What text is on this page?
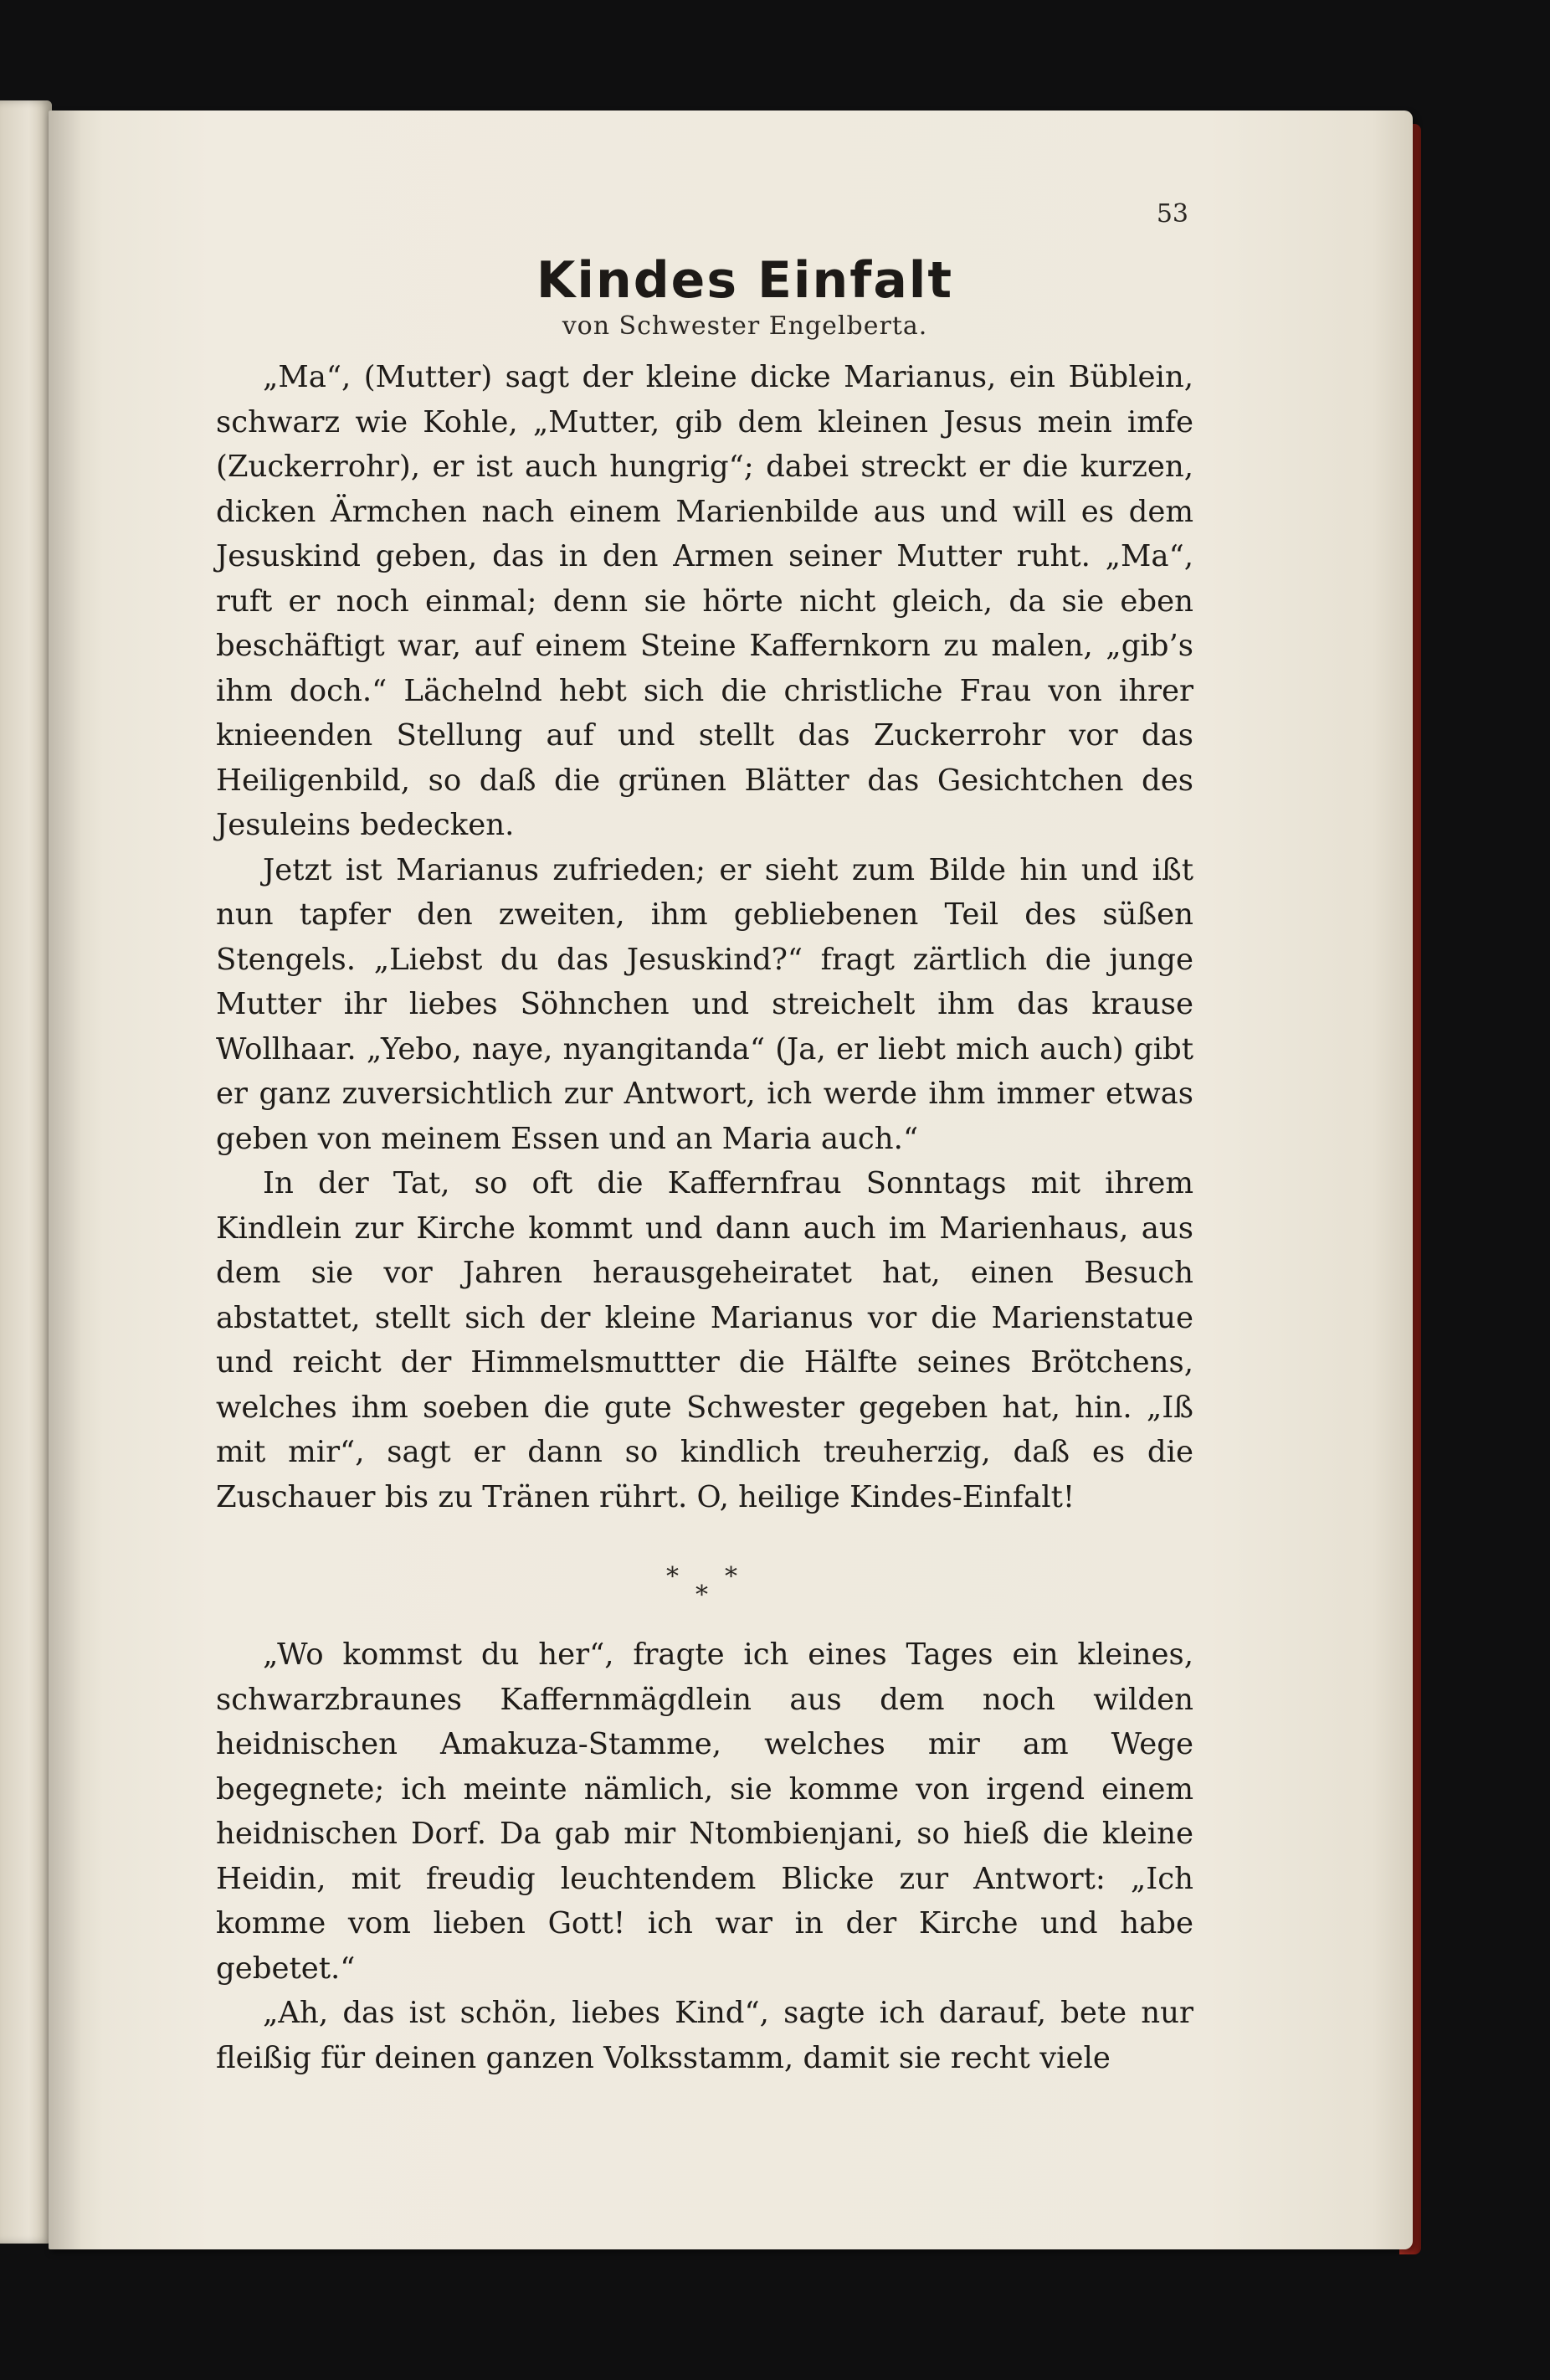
53
Kindes Einfalt
von Schwester Engelberta.

„Ma“, (Mutter) sagt der kleine dicke Marianus, ein Büblein, schwarz wie Kohle, „Mutter, gib dem kleinen Jesus mein imfe (Zuckerrohr), er ist auch hungrig“; dabei streckt er die kurzen, dicken Ärmchen nach einem Marienbilde aus und will es dem Jesuskind geben, das in den Armen seiner Mutter ruht. „Ma“, ruft er noch einmal; denn sie hörte nicht gleich, da sie eben beschäftigt war, auf einem Steine Kaffernkorn zu malen, „gib’s ihm doch.“ Lächelnd hebt sich die christliche Frau von ihrer knieenden Stellung auf und stellt das Zuckerrohr vor das Heiligenbild, so daß die grünen Blätter das Gesichtchen des Jesuleins bedecken.

Jetzt ist Marianus zufrieden; er sieht zum Bilde hin und ißt nun tapfer den zweiten, ihm gebliebenen Teil des süßen Stengels. „Liebst du das Jesuskind?“ fragt zärtlich die junge Mutter ihr liebes Söhnchen und streichelt ihm das krause Wollhaar. „Yebo, naye, nyangitanda“ (Ja, er liebt mich auch) gibt er ganz zuversichtlich zur Antwort, ich werde ihm immer etwas geben von meinem Essen und an Maria auch.“

In der Tat, so oft die Kaffernfrau Sonntags mit ihrem Kindlein zur Kirche kommt und dann auch im Marienhaus, aus dem sie vor Jahren herausgeheiratet hat, einen Besuch abstattet, stellt sich der kleine Marianus vor die Marienstatue und reicht der Himmelsmuttter die Hälfte seines Brötchens, welches ihm soeben die gute Schwester gegeben hat, hin. „Iß mit mir“, sagt er dann so kindlich treuherzig, daß es die Zuschauer bis zu Tränen rührt. O, heilige Kindes-Einfalt!

* *
*

„Wo kommst du her“, fragte ich eines Tages ein kleines, schwarzbraunes Kaffernmägdlein aus dem noch wilden heidnischen Amakuza-Stamme, welches mir am Wege begegnete; ich meinte nämlich, sie komme von irgend einem heidnischen Dorf. Da gab mir Ntombienjani, so hieß die kleine Heidin, mit freudig leuchtendem Blicke zur Antwort: „Ich komme vom lieben Gott! ich war in der Kirche und habe gebetet.“

„Ah, das ist schön, liebes Kind“, sagte ich darauf, bete nur fleißig für deinen ganzen Volksstamm, damit sie recht viele
